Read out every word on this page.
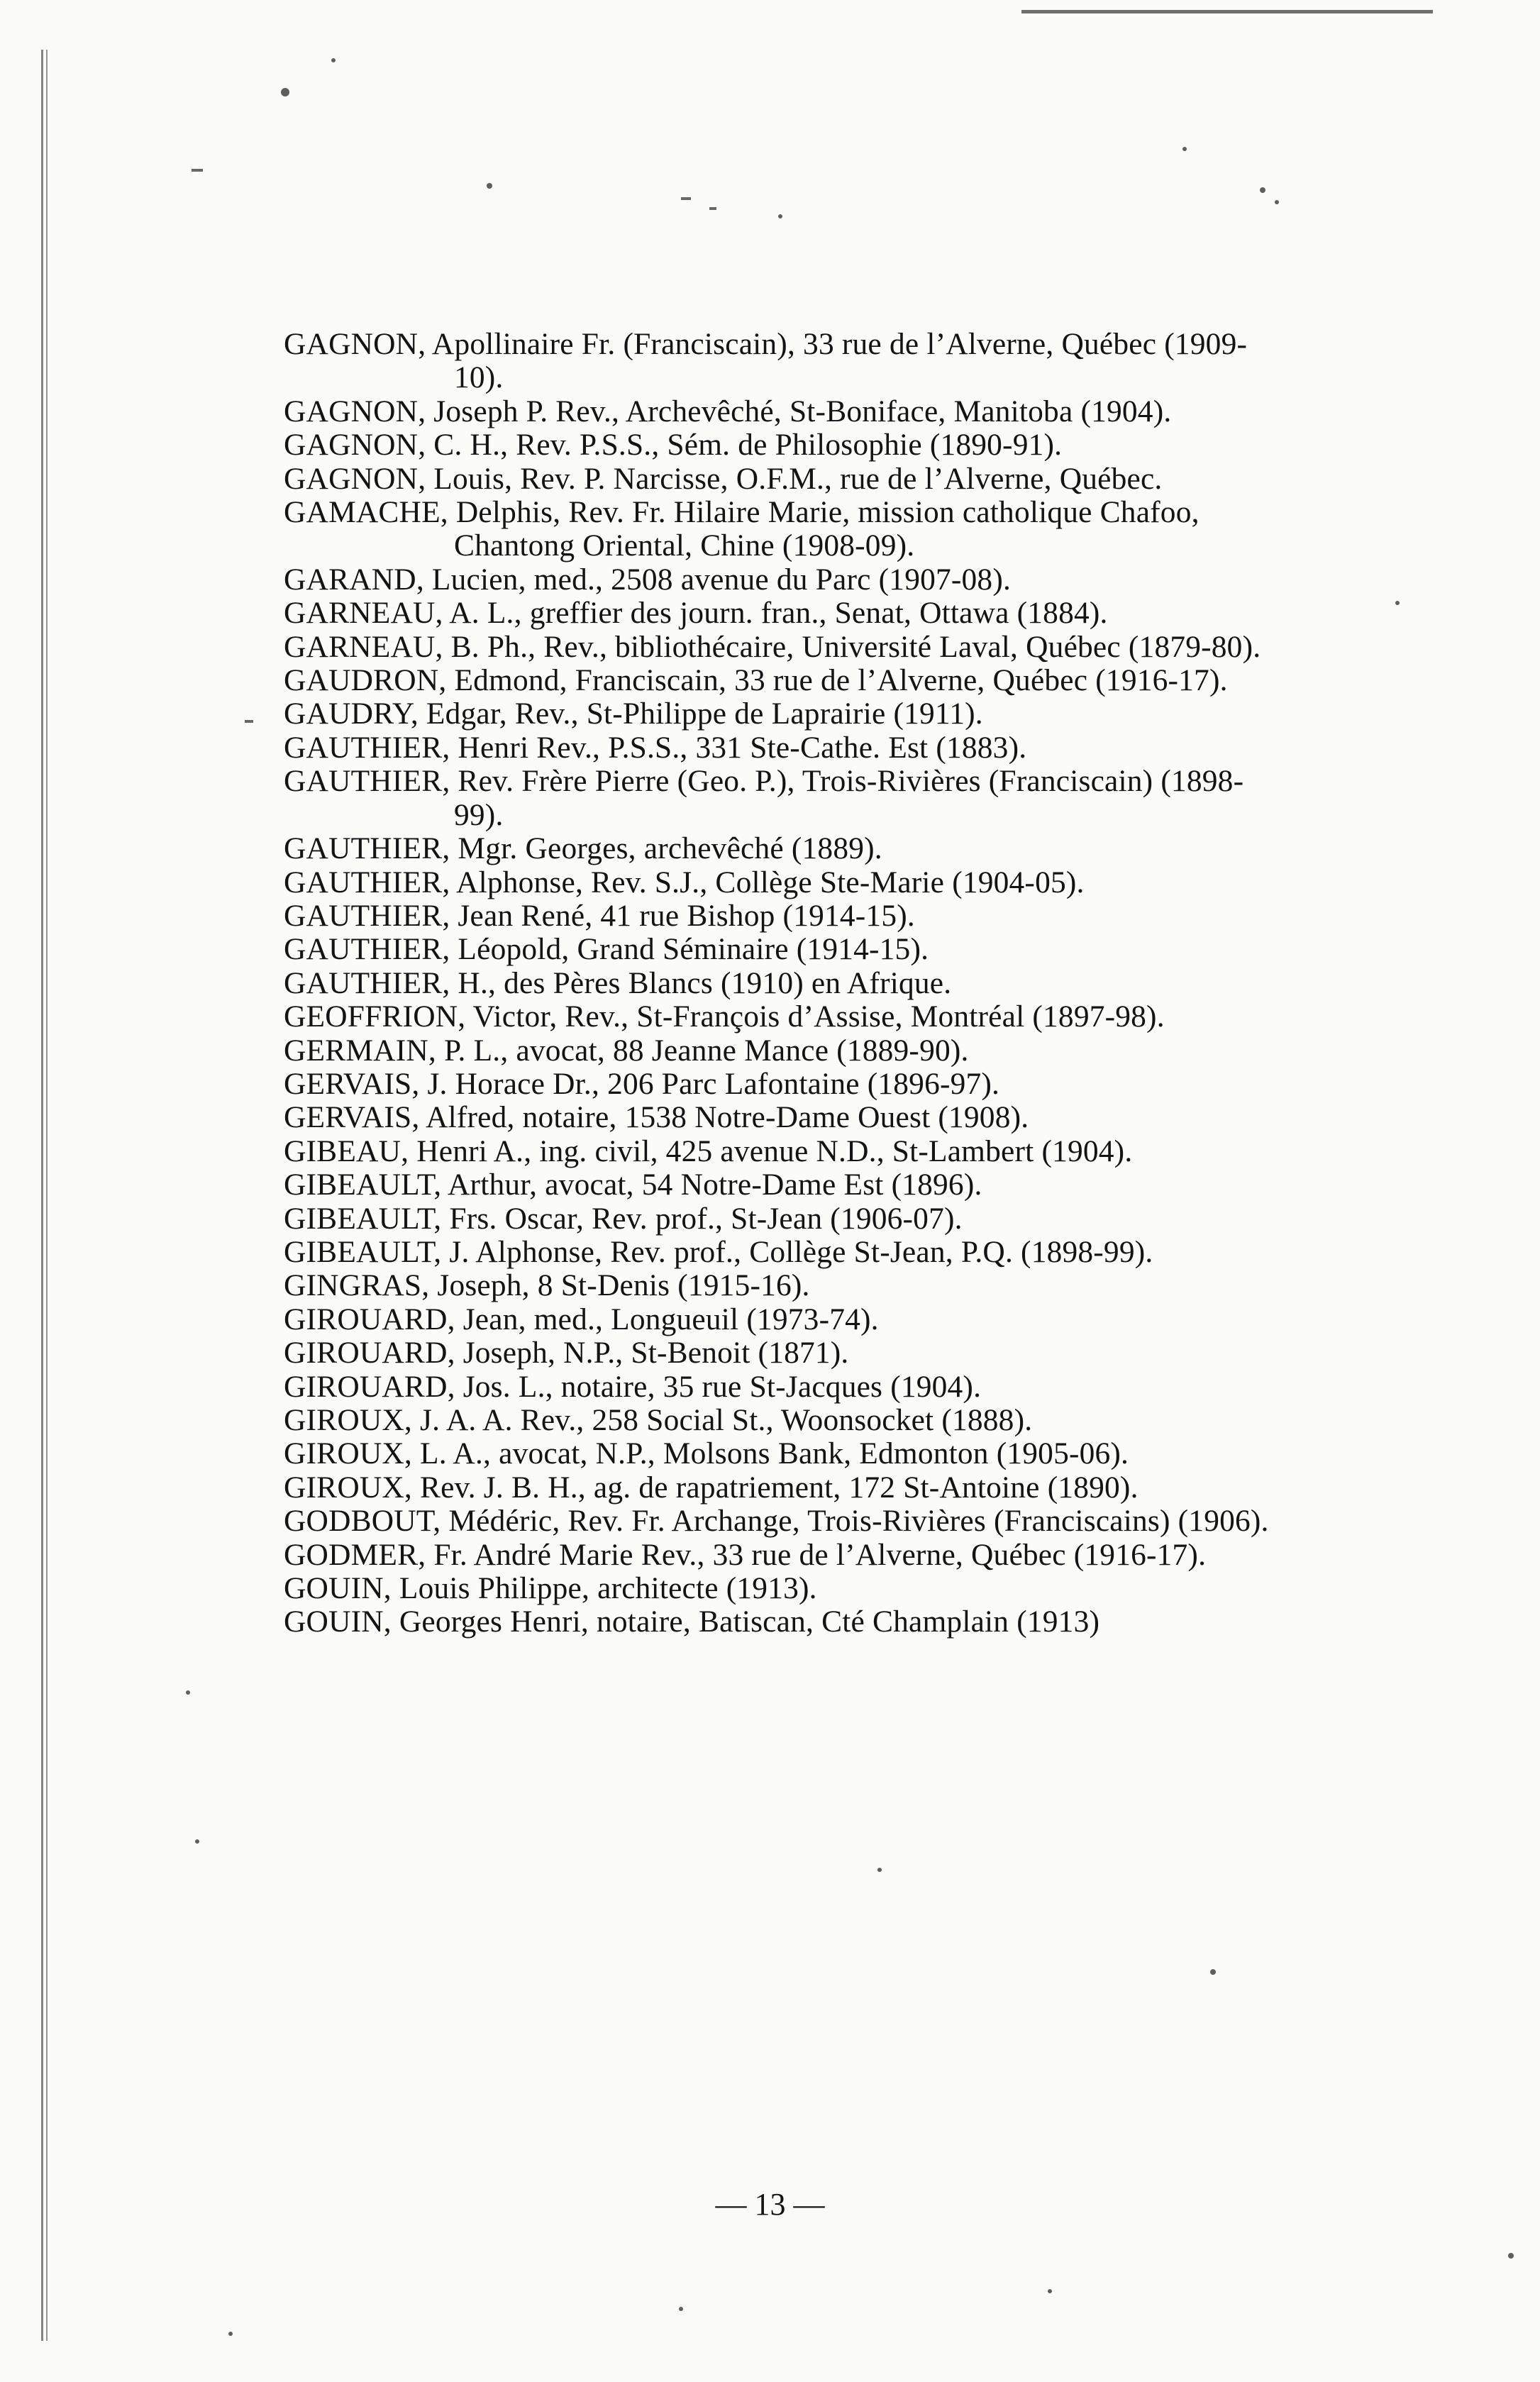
GAGNON, Apollinaire Fr. (Franciscain), 33 rue de l’Alverne, Québec (1909-10).
GAGNON, Joseph P. Rev., Archevêché, St-Boniface, Manitoba (1904).
GAGNON, C. H., Rev. P.S.S., Sém. de Philosophie (1890-91).
GAGNON, Louis, Rev. P. Narcisse, O.F.M., rue de l’Alverne, Québec.
GAMACHE, Delphis, Rev. Fr. Hilaire Marie, mission catholique Chafoo, Chantong Oriental, Chine (1908-09).
GARAND, Lucien, med., 2508 avenue du Parc (1907-08).
GARNEAU, A. L., greffier des journ. fran., Senat, Ottawa (1884).
GARNEAU, B. Ph., Rev., bibliothécaire, Université Laval, Québec (1879-80).
GAUDRON, Edmond, Franciscain, 33 rue de l’Alverne, Québec (1916-17).
GAUDRY, Edgar, Rev., St-Philippe de Laprairie (1911).
GAUTHIER, Henri Rev., P.S.S., 331 Ste-Cathe. Est (1883).
GAUTHIER, Rev. Frère Pierre (Geo. P.), Trois-Rivières (Franciscain) (1898-99).
GAUTHIER, Mgr. Georges, archevêché (1889).
GAUTHIER, Alphonse, Rev. S.J., Collège Ste-Marie (1904-05).
GAUTHIER, Jean René, 41 rue Bishop (1914-15).
GAUTHIER, Léopold, Grand Séminaire (1914-15).
GAUTHIER, H., des Pères Blancs (1910) en Afrique.
GEOFFRION, Victor, Rev., St-François d’Assise, Montréal (1897-98).
GERMAIN, P. L., avocat, 88 Jeanne Mance (1889-90).
GERVAIS, J. Horace Dr., 206 Parc Lafontaine (1896-97).
GERVAIS, Alfred, notaire, 1538 Notre-Dame Ouest (1908).
GIBEAU, Henri A., ing. civil, 425 avenue N.D., St-Lambert (1904).
GIBEAULT, Arthur, avocat, 54 Notre-Dame Est (1896).
GIBEAULT, Frs. Oscar, Rev. prof., St-Jean (1906-07).
GIBEAULT, J. Alphonse, Rev. prof., Collège St-Jean, P.Q. (1898-99).
GINGRAS, Joseph, 8 St-Denis (1915-16).
GIROUARD, Jean, med., Longueuil (1973-74).
GIROUARD, Joseph, N.P., St-Benoit (1871).
GIROUARD, Jos. L., notaire, 35 rue St-Jacques (1904).
GIROUX, J. A. A. Rev., 258 Social St., Woonsocket (1888).
GIROUX, L. A., avocat, N.P., Molsons Bank, Edmonton (1905-06).
GIROUX, Rev. J. B. H., ag. de rapatriement, 172 St-Antoine (1890).
GODBOUT, Médéric, Rev. Fr. Archange, Trois-Rivières (Franciscains) (1906).
GODMER, Fr. André Marie Rev., 33 rue de l’Alverne, Québec (1916-17).
GOUIN, Louis Philippe, architecte (1913).
GOUIN, Georges Henri, notaire, Batiscan, Cté Champlain (1913)
— 13 —
